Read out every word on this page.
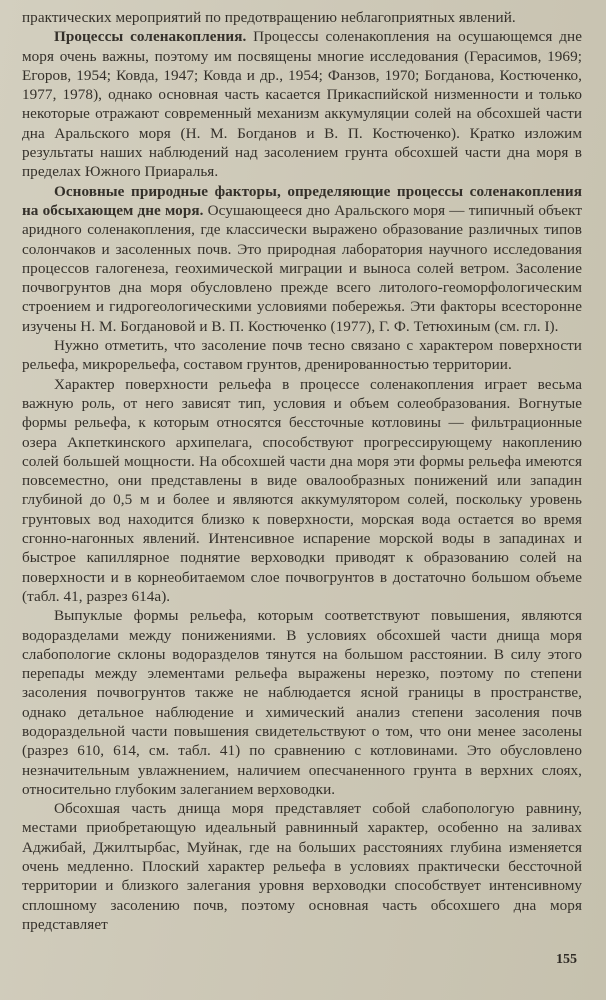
практических мероприятий по предотвращению неблагоприятных явлений.

Процессы соленакопления. Процессы соленакопления на осушающемся дне моря очень важны, поэтому им посвящены многие исследования (Герасимов, 1969; Егоров, 1954; Ковда, 1947; Ковда и др., 1954; Фанзов, 1970; Богданова, Костюченко, 1977, 1978), однако основная часть касается Прикаспийской низменности и только некоторые отражают современный механизм аккумуляции солей на обсохшей части дна Аральского моря (Н. М. Богданов и В. П. Костюченко). Кратко изложим результаты наших наблюдений над засолением грунта обсохшей части дна моря в пределах Южного Приаралья.

Основные природные факторы, определяющие процессы соленакопления на обсыхающем дне моря. Осушающееся дно Аральского моря — типичный объект аридного соленакопления, где классически выражено образование различных типов солончаков и засоленных почв. Это природная лаборатория научного исследования процессов галогенеза, геохимической миграции и выноса солей ветром. Засоление почвогрунтов дна моря обусловлено прежде всего литолого-геоморфологическим строением и гидрогеологическими условиями побережья. Эти факторы всесторонне изучены Н. М. Богдановой и В. П. Костюченко (1977), Г. Ф. Тетюхиным (см. гл. I).

Нужно отметить, что засоление почв тесно связано с характером поверхности рельефа, микрорельефа, составом грунтов, дренированностью территории.

Характер поверхности рельефа в процессе соленакопления играет весьма важную роль, от него зависят тип, условия и объем солеобразования. Вогнутые формы рельефа, к которым относятся бессточные котловины — фильтрационные озера Акпеткинского архипелага, способствуют прогрессирующему накоплению солей большей мощности. На обсохшей части дна моря эти формы рельефа имеются повсеместно, они представлены в виде овалообразных понижений или западин глубиной до 0,5 м и более и являются аккумулятором солей, поскольку уровень грунтовых вод находится близко к поверхности, морская вода остается во время сгонно-нагонных явлений. Интенсивное испарение морской воды в западинах и быстрое капиллярное поднятие верховодки приводят к образованию солей на поверхности и в корнеобитаемом слое почвогрунтов в достаточно большом объеме (табл. 41, разрез 614а).

Выпуклые формы рельефа, которым соответствуют повышения, являются водоразделами между понижениями. В условиях обсохшей части днища моря слабопологие склоны водоразделов тянутся на большом расстоянии. В силу этого перепады между элементами рельефа выражены нерезко, поэтому по степени засоления почвогрунтов также не наблюдается ясной границы в пространстве, однако детальное наблюдение и химический анализ степени засоления почв водораздельной части повышения свидетельствуют о том, что они менее засолены (разрез 610, 614, см. табл. 41) по сравнению с котловинами. Это обусловлено незначительным увлажнением, наличием опесчаненного грунта в верхних слоях, относительно глубоким залеганием верховодки.

Обсохшая часть днища моря представляет собой слабопологую равнину, местами приобретающую идеальный равнинный характер, особенно на заливах Аджибай, Джилтырбас, Муйнак, где на больших расстояниях глубина изменяется очень медленно. Плоский характер рельефа в условиях практически бессточной территории и близкого залегания уровня верховодки способствует интенсивному сплошному засолению почв, поэтому основная часть обсохшего дна моря представляет

155
